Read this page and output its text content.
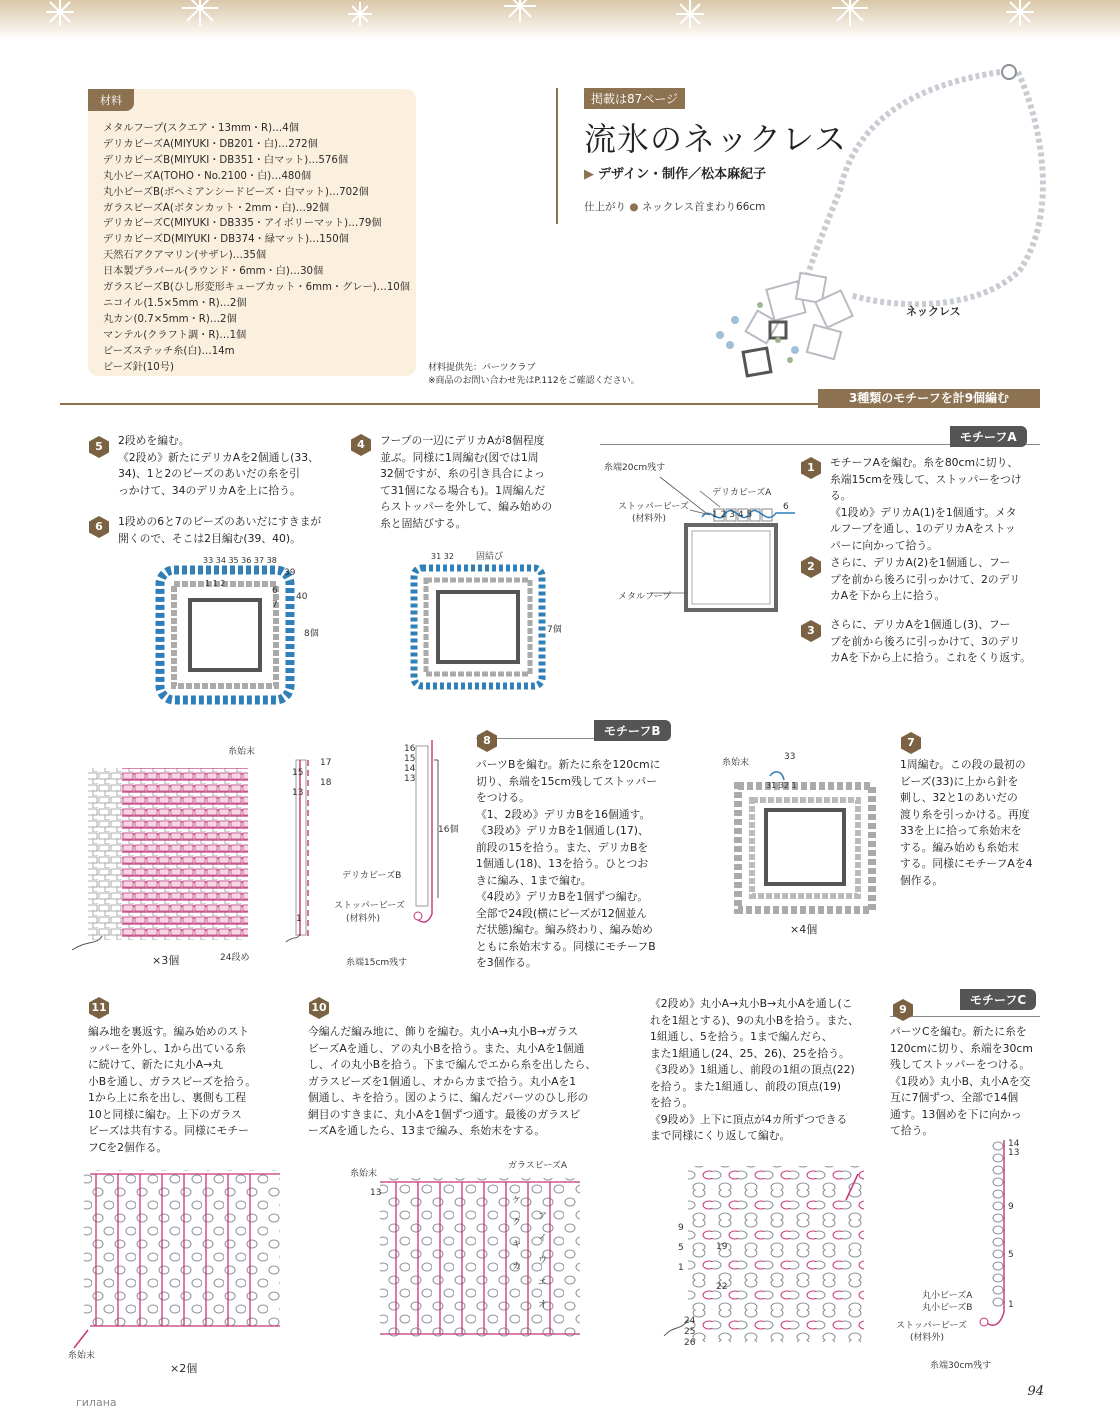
材料
メタルフープ(スクエア・13mm・R)…4個
デリカビーズA(MIYUKI・DB201・白)…272個
デリカビーズB(MIYUKI・DB351・白マット)…576個
丸小ビーズA(TOHO・No.2100・白)…480個
丸小ビーズB(ボヘミアンシードビーズ・白マット)…702個
ガラスビーズA(ボタンカット・2mm・白)…92個
デリカビーズC(MIYUKI・DB335・アイボリーマット)…79個
デリカビーズD(MIYUKI・DB374・緑マット)…150個
天然石アクアマリン(サザレ)…35個
日本製プラパール(ラウンド・6mm・白)…30個
ガラスビーズB(ひし形変形キューブカット・6mm・グレー)…10個
ニコイル(1.5×5mm・R)…2個
丸カン(0.7×5mm・R)…2個
マンテル(クラフト調・R)…1個
ビーズステッチ糸(白)…14m
ビーズ針(10号)	材料提供先：パーツクラブ
※商品のお問い合わせ先はP.112をご確認ください。
掲載は87ページ
流氷のネックレス
▶ デザイン・制作／松本麻紀子
仕上がり ● ネックレス首まわり66cm
ネックレス
3種類のモチーフを計9個編む
モチーフA
5	2段めを編む。
《2段め》新たにデリカAを2個通し(33、
34)、1と2のビーズのあいだの糸を引
っかけて、34のデリカAを上に拾う。
6	1段めの6と7のビーズのあいだにすきまが
開くので、そこは2目編む(39、40)。
4	フープの一辺にデリカAが8個程度
並ぶ。同様に1周編む(図では1周
32個ですが、糸の引き具合によっ
て31個になる場合も)。1周編んだ
らストッパーを外して、編み始めの
糸と固結びする。
糸端20cm残す
デリカビーズA
ストッパービーズ
(材料外)
メタルフープ
1 2 3 4 5
6
1	モチーフAを編む。糸を80cmに切り、
糸端15cmを残して、ストッパーをつける。
《1段め》デリカA(1)を1個通す。メタ
ルフープを通し、1のデリカAをストッ
パーに向かって拾う。
2	さらに、デリカA(2)を1個通し、フー
プを前から後ろに引っかけて、2のデリ
カAを下から上に拾う。
3	さらに、デリカAを1個通し(3)、フー
プを前から後ろに引っかけて、3のデリ
カAを下から上に拾う。これをくり返す。
33 34 35 36 37 38
1 1 2
39
40
6
7
8個
31 32 固結び
7個
モチーフB
8
パーツBを編む。新たに糸を120cmに
切り、糸端を15cm残してストッパー
をつける。
《1、2段め》デリカBを16個通す。
《3段め》デリカBを1個通し(17)、
前段の15を拾う。また、デリカBを
1個通し(18)、13を拾う。ひとつお
きに編み、1まで編む。
《4段め》デリカBを1個ずつ編む。
全部で24段(横にビーズが12個並ん
だ状態)編む。編み終わり、編み始め
ともに糸始末する。同様にモチーフB
を3個作る。
糸始末
×3個	24段め
17
18
15
13
1
16
15
14
13
16個
デリカビーズB
ストッパービーズ
(材料外)
糸端15cm残す
糸始末
33
31 32 1
×4個
7
1周編む。この段の最初の
ビーズ(33)に上から針を
刺し、32と1のあいだの
渡り糸を引っかける。再度
33を上に拾って糸始末を
する。編み始めも糸始末
する。同様にモチーフAを4
個作る。
モチーフC
11
編み地を裏返す。編み始めのスト
ッパーを外し、1から出ている糸
に続けて、新たに丸小A→丸
小Bを通し、ガラスビーズを拾う。
1から上に糸を出し、裏側も工程
10と同様に編む。上下のガラス
ビーズは共有する。同様にモチー
フCを2個作る。
10
今編んだ編み地に、飾りを編む。丸小A→丸小B→ガラス
ビーズAを通し、アの丸小Bを拾う。また、丸小Aを1個通
し、イの丸小Bを拾う。下まで編んでエから糸を出したら、
ガラスビーズを1個通し、オからカまで拾う。丸小Aを1
個通し、キを拾う。図のように、編んだパーツのひし形の
網目のすきまに、丸小Aを1個ずつ通す。最後のガラスビ
ーズAを通したら、13まで編み、糸始末をする。
《2段め》丸小A→丸小B→丸小Aを通し(こ
れを1組とする)、9の丸小Bを拾う。また、
1組通し、5を拾う。1まで編んだら、
また1組通し(24、25、26)、25を拾う。
《3段め》1組通し、前段の1組の頂点(22)
を拾う。また1組通し、前段の頂点(19)
を拾う。
《9段め》上下に頂点が4カ所ずつできる
まで同様にくり返して編む。
9
パーツCを編む。新たに糸を
120cmに切り、糸端を30cm
残してストッパーをつける。
《1段め》丸小B、丸小Aを交
互に7個ずつ、全部で14個
通す。13個めを下に向かっ
て拾う。
糸始末
×2個
糸始末
ガラスビーズA
13
ア
イ
ウ
エ
オ
ケ
ク
キ
カ
9
5
1
24
25
26
19
22
14
13
9
5
1
丸小ビーズA
丸小ビーズB
ストッパービーズ
(材料外)
糸端30cm残す
94
гилана
